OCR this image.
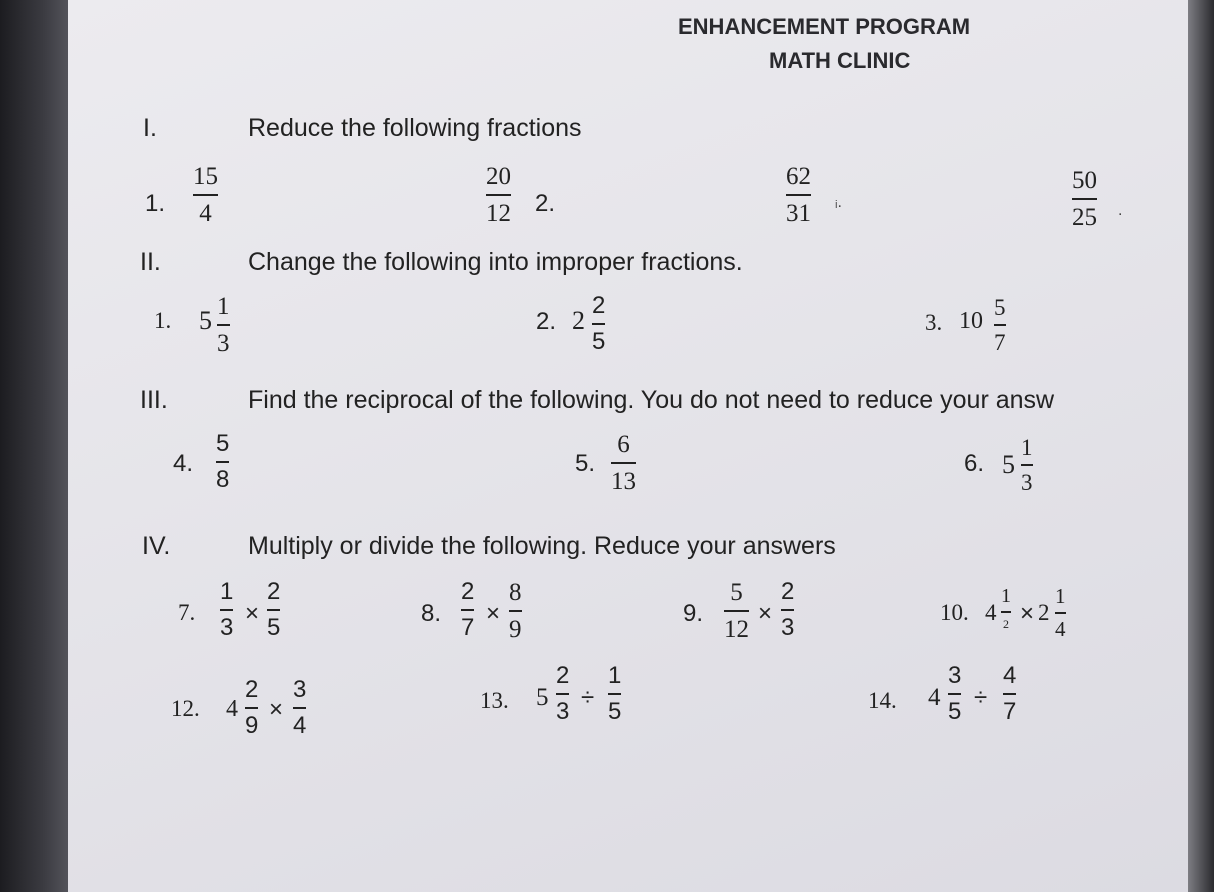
ENHANCEMENT PROGRAM
MATH CLINIC
I.	Reduce the following fractions
1.
15
4
20
12 2.
62
31 ᵢ.
50
25 .
II.	Change the following into improper fractions.
1. 5 1
3
2. 2
2
5
3. 10
5
7
III.	Find the reciprocal of the following. You do not need to reduce your answ
4.
5
8
5.
6
13
6. 5
1
3
IV.	Multiply or divide the following. Reduce your answers
7.
1
3
×
2
5
8.
2
7
×
8
9
9.
5
12
×
2
3
10. 4
1
2 × 2
1
4
12. 4
2
9
×
3
4
13. 5
2
3
÷
1
5	14. 4
3
5
÷
4
7
